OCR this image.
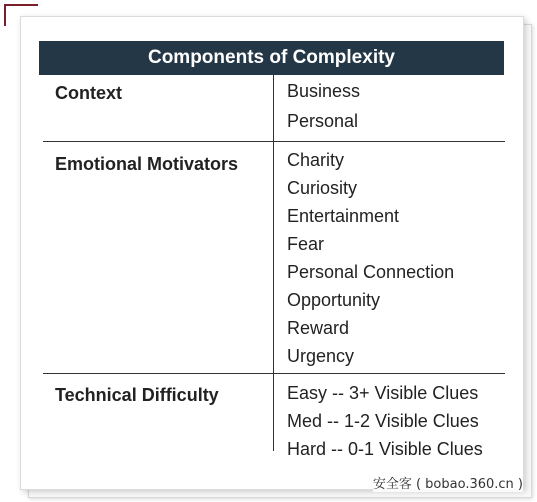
Components of Complexity
Context	Business
Personal
Emotional Motivators	Charity
Curiosity
Entertainment
Fear
Personal Connection
Opportunity
Reward
Urgency
Technical Difficulty	Easy -- 3+ Visible Clues
Med -- 1-2 Visible Clues
Hard -- 0-1 Visible Clues
安全客 ( bobao.360.cn )
